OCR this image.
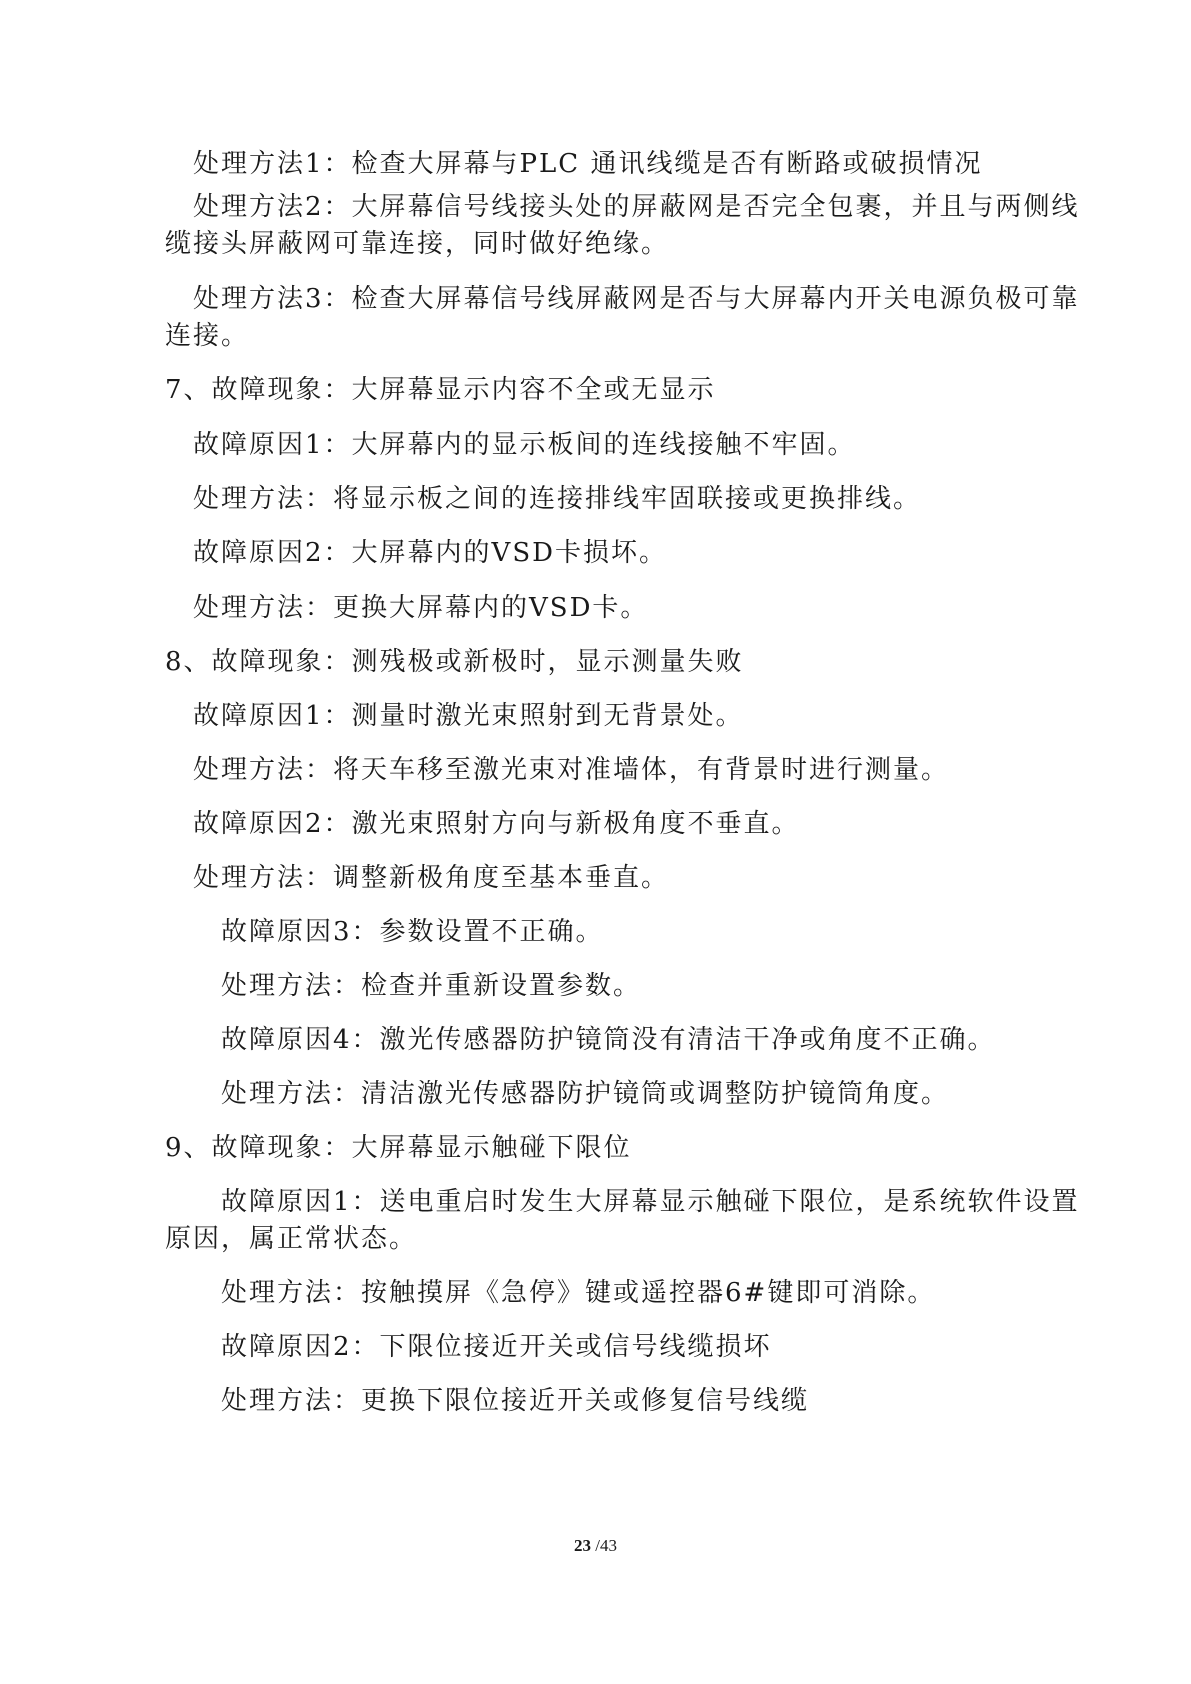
处理方法1：检查大屏幕与PLC 通讯线缆是否有断路或破损情况
处理方法2：大屏幕信号线接头处的屏蔽网是否完全包裹，并且与两侧线
缆接头屏蔽网可靠连接，同时做好绝缘。
处理方法3：检查大屏幕信号线屏蔽网是否与大屏幕内开关电源负极可靠
连接。
7、故障现象：大屏幕显示内容不全或无显示
故障原因1：大屏幕内的显示板间的连线接触不牢固。
处理方法：将显示板之间的连接排线牢固联接或更换排线。
故障原因2：大屏幕内的VSD卡损坏。
处理方法：更换大屏幕内的VSD卡。
8、故障现象：测残极或新极时，显示测量失败
故障原因1：测量时激光束照射到无背景处。
处理方法：将天车移至激光束对准墙体，有背景时进行测量。
故障原因2：激光束照射方向与新极角度不垂直。
处理方法：调整新极角度至基本垂直。
故障原因3：参数设置不正确。
处理方法：检查并重新设置参数。
故障原因4：激光传感器防护镜筒没有清洁干净或角度不正确。
处理方法：清洁激光传感器防护镜筒或调整防护镜筒角度。
9、故障现象：大屏幕显示触碰下限位
故障原因1：送电重启时发生大屏幕显示触碰下限位，是系统软件设置
原因，属正常状态。
处理方法：按触摸屏《急停》键或遥控器6#键即可消除。
故障原因2：下限位接近开关或信号线缆损坏
处理方法：更换下限位接近开关或修复信号线缆
23 /43
